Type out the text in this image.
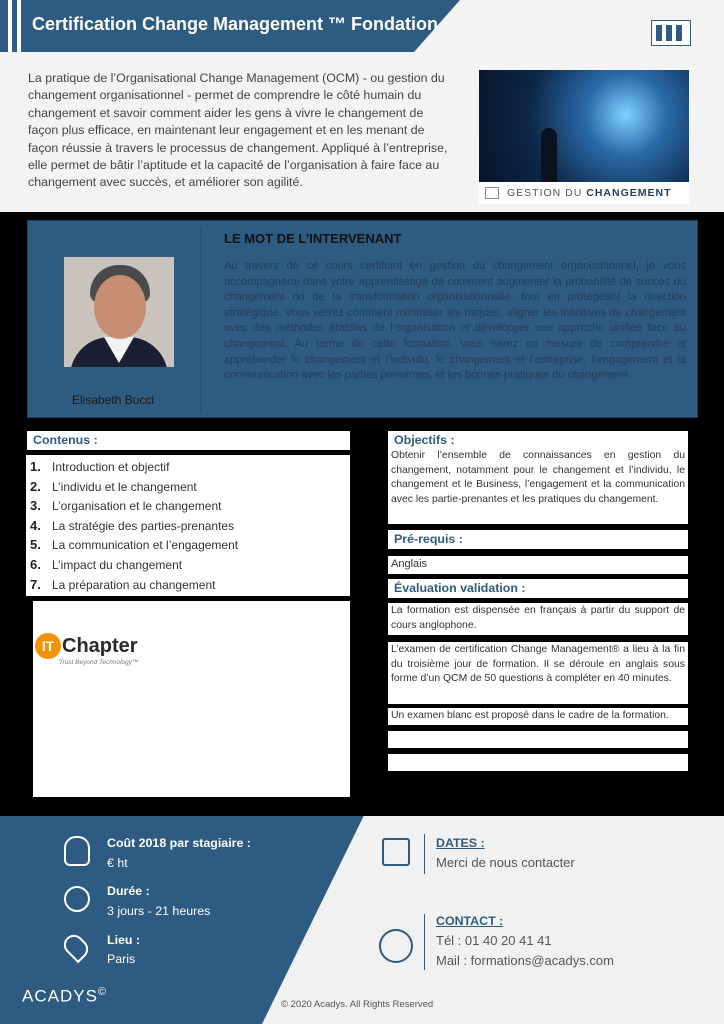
Certification Change Management ™ Fondation
La pratique de l’Organisational Change Management (OCM) - ou gestion du changement organisationnel - permet de comprendre le côté humain du changement et savoir comment aider les gens à vivre le changement de façon plus efficace, en maintenant leur engagement et en les menant de façon réussie à travers le processus de changement. Appliqué à l’entreprise, elle permet de bâtir l’aptitude et la capacité de l’organisation à faire face au changement avec succès, et améliorer son agilité.
GESTION DU CHANGEMENT
Elisabeth Bucci
LE MOT DE L’INTERVENANT
Au travers de ce cours certifiant en gestion du changement organisationnel, je vous accompagnerai dans votre apprentissage de comment augmenter la probabilité de succès du changement ou de la transformation organisationnelle, tout en protégeant la direction stratégique. Vous verrez comment minimiser les risques, aligner les initiatives de changement avec des méthodes établies de l’organisation et développer une approche unifiée face au changement. Au terme de cette formation, vous serez en mesure de comprendre et appréhender le changement et l’individu, le changement et l’entreprise, l’engagement et la communication avec les parties prenantes, et les bonnes pratiques du changement.
Contenus :
1. Introduction et objectif
2. L’individu et le changement
3. L’organisation et le changement
4. La stratégie des parties-prenantes
5. La communication et l’engagement
6. L’impact du changement
7. La préparation au changement
IT Chapter
Trust Beyond Technology™
Objectifs :
Obtenir l’ensemble de connaissances en gestion du changement, notamment pour le changement et l’individu, le changement et le Business, l’engagement et la communication avec les partie-prenantes et les pratiques du changement.
Pré-requis :
Anglais
Évaluation validation :
La formation est dispensée en français à partir du support de cours anglophone.
L’examen de certification Change Management® a lieu à la fin du troisième jour de formation. Il se déroule en anglais sous forme d’un QCM de 50 questions à compléter en 40 minutes.
Un examen blanc est proposé dans le cadre de la formation.
Coût 2018 par stagiaire :
€ ht
Durée :
3 jours - 21 heures
Lieu :
Paris
ACADYS©
DATES :
Merci de nous contacter
CONTACT :
Tél : 01 40 20 41 41
Mail : formations@acadys.com
© 2020 Acadys. All Rights Reserved
